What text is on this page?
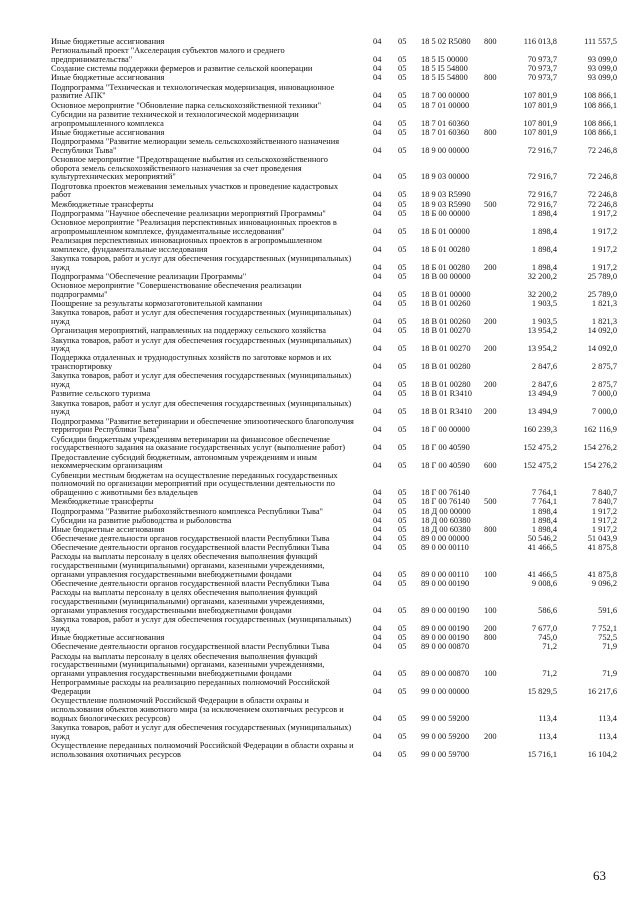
Иные бюджетные ассигнования	04 05 18 5 02 R5080 800	116 013,8	111 557,5
Региональный проект "Акселерация субъектов малого и среднего предпринимательства"	04 05 18 5 I5 00000	70 973,7	93 099,0
Создание системы поддержки фермеров и развитие сельской кооперации	04 05 18 5 I5 54800	70 973,7	93 099,0
Иные бюджетные ассигнования	04 05 18 5 I5 54800 800	70 973,7	93 099,0
Подпрограмма "Техническая и технологическая модернизация, инновационное развитие АПК"	04 05 18 7 00 00000	107 801,9	108 866,1
Основное мероприятие "Обновление парка сельскохозяйственной техники"	04 05 18 7 01 00000	107 801,9	108 866,1
Субсидии на развитие технической и технологической модернизации агропромышленного комплекса	04 05 18 7 01 60360	107 801,9	108 866,1
Иные бюджетные ассигнования	04 05 18 7 01 60360 800	107 801,9	108 866,1
Подпрограмма "Развитие мелиорации земель сельскохозяйственного назначения Республики Тыва"	04 05 18 9 00 00000	72 916,7	72 246,8
Основное мероприятие "Предотвращение выбытия из сельскохозяйственного оборота земель сельскохозяйственного назначения за счет проведения культуртехнических мероприятий"	04 05 18 9 03 00000	72 916,7	72 246,8
Подготовка проектов межевания земельных участков и проведение кадастровых работ	04 05 18 9 03 R5990	72 916,7	72 246,8
Межбюджетные трансферты	04 05 18 9 03 R5990 500	72 916,7	72 246,8
Подпрограмма "Научное обеспечение реализации мероприятий Программы"	04 05 18 Б 00 00000	1 898,4	1 917,2
Основное мероприятие "Реализация перспективных инновационных проектов в агропромышленном комплексе, фундаментальные исследования"	04 05 18 Б 01 00000	1 898,4	1 917,2
Реализация перспективных инновационных проектов в агропромышленном комплексе, фундаментальные исследования	04 05 18 Б 01 00280	1 898,4	1 917,2
Закупка товаров, работ и услуг для обеспечения государственных (муниципальных) нужд	04 05 18 Б 01 00280 200	1 898,4	1 917,2
Подпрограмма "Обеспечение реализации Программы"	04 05 18 В 00 00000	32 200,2	25 789,0
Основное мероприятие "Совершенствование обеспечения реализации подпрограммы"	04 05 18 В 01 00000	32 200,2	25 789,0
Поощрение за результаты кормозаготовительной кампании	04 05 18 В 01 00260	1 903,5	1 821,3
Закупка товаров, работ и услуг для обеспечения государственных (муниципальных) нужд	04 05 18 В 01 00260 200	1 903,5	1 821,3
Организация мероприятий, направленных на поддержку сельского хозяйства	04 05 18 В 01 00270	13 954,2	14 092,0
Закупка товаров, работ и услуг для обеспечения государственных (муниципальных) нужд	04 05 18 В 01 00270 200	13 954,2	14 092,0
Поддержка отдаленных и труднодоступных хозяйств по заготовке кормов и их транспортировку	04 05 18 В 01 00280	2 847,6	2 875,7
Закупка товаров, работ и услуг для обеспечения государственных (муниципальных) нужд	04 05 18 В 01 00280 200	2 847,6	2 875,7
Развитие сельского туризма	04 05 18 В 01 R3410	13 494,9	7 000,0
Закупка товаров, работ и услуг для обеспечения государственных (муниципальных) нужд	04 05 18 В 01 R3410 200	13 494,9	7 000,0
Подпрограмма "Развитие ветеринарии и обеспечение эпизоотического благополучия территории Республики Тыва"	04 05 18 Г 00 00000	160 239,3	162 116,9
Субсидии бюджетным учреждениям ветеринарии на финансовое обеспечение государственного задания на оказание государственных услуг (выполнение работ)	04 05 18 Г 00 40590	152 475,2	154 276,2
Предоставление субсидий бюджетным, автономным учреждениям и иным некоммерческим организациям	04 05 18 Г 00 40590 600	152 475,2	154 276,2
Субвенции местным бюджетам на осуществление переданных государственных полномочий по организации мероприятий при осуществлении деятельности по обращению с животными без владельцев	04 05 18 Г 00 76140	7 764,1	7 840,7
Межбюджетные трансферты	04 05 18 Г 00 76140 500	7 764,1	7 840,7
Подпрограмма "Развитие рыбохозяйственного комплекса Республики Тыва"	04 05 18 Д 00 00000	1 898,4	1 917,2
Субсидии на развитие рыбоводства и рыболовства	04 05 18 Д 00 60380	1 898,4	1 917,2
Иные бюджетные ассигнования	04 05 18 Д 00 60380 800	1 898,4	1 917,2
Обеспечение деятельности органов государственной власти Республики Тыва	04 05 89 0 00 00000	50 546,2	51 043,9
Обеспечение деятельности органов государственной власти Республики Тыва	04 05 89 0 00 00110	41 466,5	41 875,8
Расходы на выплаты персоналу в целях обеспечения выполнения функций государственными (муниципальными) органами, казенными учреждениями, органами управления государственными внебюджетными фондами	04 05 89 0 00 00110 100	41 466,5	41 875,8
Обеспечение деятельности органов государственной власти Республики Тыва	04 05 89 0 00 00190	9 008,6	9 096,2
Расходы на выплаты персоналу в целях обеспечения выполнения функций государственными (муниципальными) органами, казенными учреждениями, органами управления государственными внебюджетными фондами	04 05 89 0 00 00190 100	586,6	591,6
Закупка товаров, работ и услуг для обеспечения государственных (муниципальных) нужд	04 05 89 0 00 00190 200	7 677,0	7 752,1
Иные бюджетные ассигнования	04 05 89 0 00 00190 800	745,0	752,5
Обеспечение деятельности органов государственной власти Республики Тыва	04 05 89 0 00 00870	71,2	71,9
Расходы на выплаты персоналу в целях обеспечения выполнения функций государственными (муниципальными) органами, казенными учреждениями, органами управления государственными внебюджетными фондами	04 05 89 0 00 00870 100	71,2	71,9
Непрограммные расходы на реализацию переданных полномочий Российской Федерации	04 05 99 0 00 00000	15 829,5	16 217,6
Осуществление полномочий Российской Федерации в области охраны и использования объектов животного мира (за исключением охотничьих ресурсов и водных биологических ресурсов)	04 05 99 0 00 59200	113,4	113,4
Закупка товаров, работ и услуг для обеспечения государственных (муниципальных) нужд	04 05 99 0 00 59200 200	113,4	113,4
Осуществление переданных полномочий Российской Федерации в области охраны и использования охотничьих ресурсов	04 05 99 0 00 59700	15 716,1	16 104,2
63
